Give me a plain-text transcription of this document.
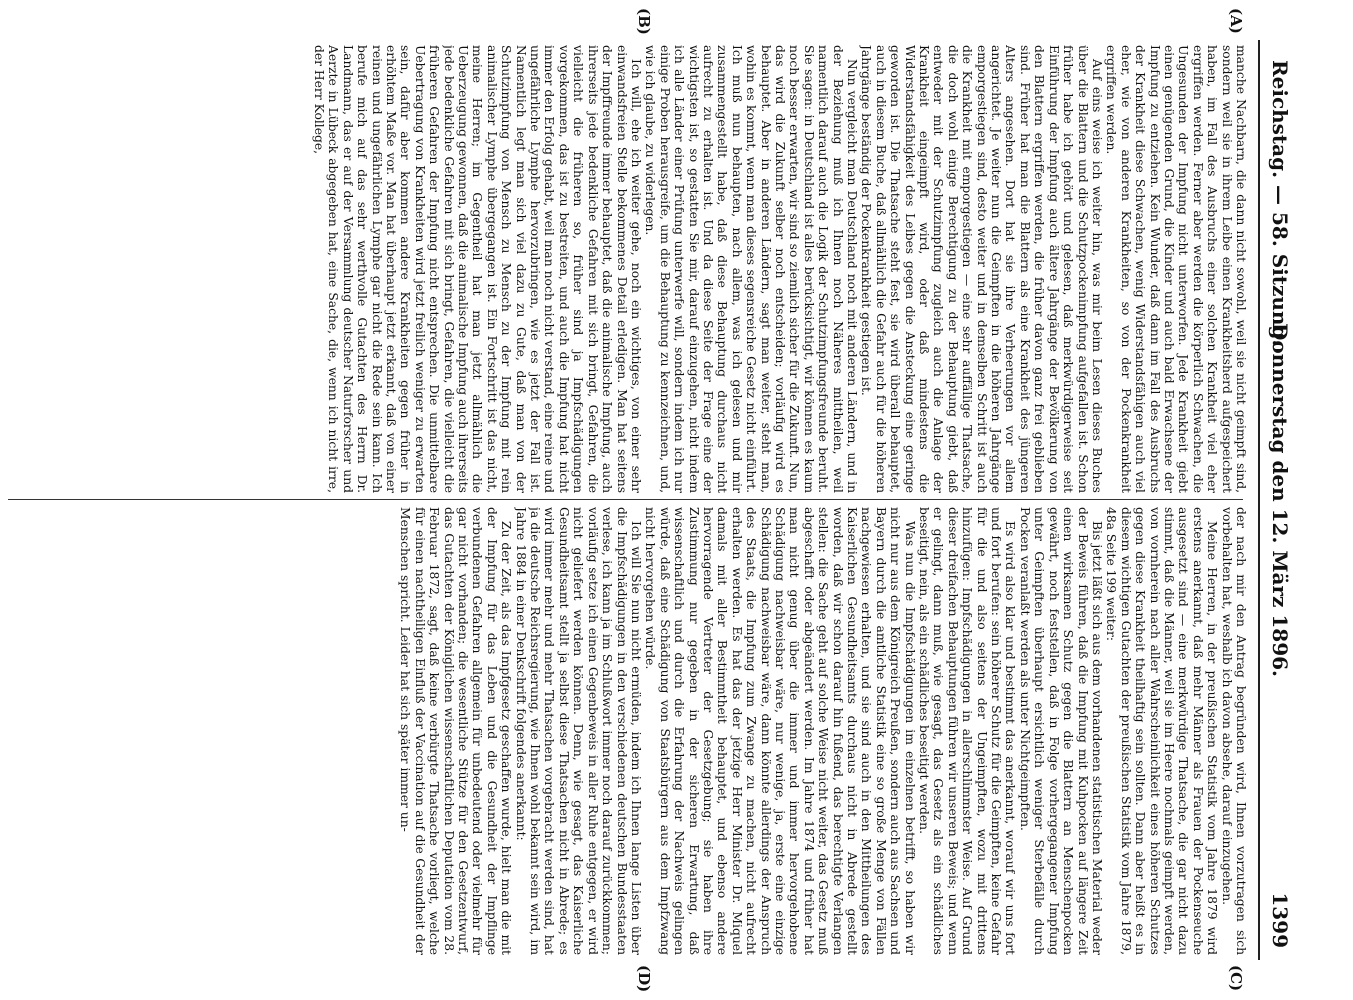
Reichstag. — 58. Sitzung.
Donnerstag den 12. März 1896.
1399
(A)
(B)
(C)
(D)

manche Nachbarn, die dann nicht sowohl, weil sie nicht geimpft sind, sondern weil sie in ihrem Leibe einen Krankheitsherd aufgespeichert haben, im Fall des Ausbruchs einer solchen Krankheit viel eher ergriffen werden. Ferner aber werden die körperlich Schwachen, die Ungesunden der Impfung nicht unterworfen. Jede Krankheit giebt einen genügenden Grund, die Kinder und auch bald Erwachsene der Impfung zu entziehen. Kein Wunder, daß dann im Fall des Ausbruchs der Krankheit diese Schwachen, wenig Widerstandsfähigen auch viel eher, wie von anderen Krankheiten, so von der Pockenkrankheit ergriffen werden.

Auf eins weise ich weiter hin, was mir beim Lesen dieses Buches über die Blattern und die Schutzpockenimpfung aufgefallen ist. Schon früher habe ich gehört und gelesen, daß merkwürdigerweise seit Einführung der Impfung auch ältere Jahrgänge der Bevölkerung von den Blattern ergriffen werden, die früher davon ganz frei geblieben sind. Früher hat man die Blattern als eine Krankheit des jüngeren Alters angesehen. Dort hat sie ihre Verheerungen vor allem angerichtet. Je weiter nun die Geimpften in die höheren Jahrgänge emporgestiegen sind, desto weiter und in demselben Schritt ist auch die Krankheit mit emporgestiegen — eine sehr auffällige Thatsache, die doch wohl einige Berechtigung zu der Behauptung giebt, daß entweder mit der Schutzimpfung zugleich auch die Anlage der Krankheit eingeimpft wird, oder daß mindestens die Widerstandsfähigkeit des Leibes gegen die Ansteckung eine geringe geworden ist. Die Thatsache steht fest, sie wird überall behauptet, auch in diesem Buche, daß allmählich die Gefahr auch für die höheren Jahrgänge beständig der Pockenkrankheit gestiegen ist.

Nun vergleicht man Deutschland noch mit anderen Ländern, und in der Beziehung muß ich Ihnen noch Näheres mittheilen, weil namentlich darauf auch die Logik der Schutzimpfungsfreunde beruht. Sie sagen: in Deutschland ist alles berücksichtigt, wir können es kaum noch besser erwarten, wir sind so ziemlich sicher für die Zukunft. Nun, das wird die Zukunft selber noch entscheiden; vorläufig wird es behauptet. Aber in anderen Ländern, sagt man weiter, steht man, wohin es kommt, wenn man dieses segensreiche Gesetz nicht einführt. Ich muß nun behaupten, nach allem, was ich gelesen und mir zusammengestellt habe, daß diese Behauptung durchaus nicht aufrecht zu erhalten ist. Und da diese Seite der Frage eine der wichtigsten ist, so gestatten Sie mir, darauf einzugehen, nicht indem ich alle Länder einer Prüfung unterwerfe will, sondern indem ich nur einige Proben herausgreife, um die Behauptung zu kennzeichnen, und, wie ich glaube, zu widerlegen.

Ich will, ehe ich weiter gehe, noch ein wichtiges, von einer sehr einwandsfreien Stelle bekommenes Detail erledigen. Man hat seitens der Impffreunde immer behauptet, daß die animalische Impfung, auch ihrerseits jede bedenkliche Gefahren mit sich bringt, Gefahren, die vielleicht die früheren so, früher sind ja Impfschädigungen vorgekommen, das ist zu bestreiten, und auch die Impfung hat nicht immer den Erfolg gehabt, weil man noch nicht verstand, eine reine und ungefährliche Lymphe hervorzubringen, wie es jetzt der Fall ist. Namentlich legt man sich viel dazu zu Gute, daß man von der Schutzimpfung von Mensch zu Mensch zu der Impfung mit rein animalischer Lymphe übergegangen ist. Ein Fortschritt ist das nicht, meine Herren; im Gegentheil hat man jetzt allmählich die Ueberzeugung gewonnen, daß die animalische Impfung auch ihrerseits jede bedenkliche Gefahren mit sich bringt, Gefahren, die vielleicht die früheren Gefahren der Impfung nicht entsprechen. Die unmittelbare Uebertragung von Krankheiten wird jetzt freilich weniger zu erwarten sein, dafür aber kommen andere Krankheiten gegen früher in erhöhtem Maße vor. Man hat überhaupt jetzt erkannt, daß von einer reinen und ungefährlichen Lymphe gar nicht die Rede sein kann. Ich berufe mich auf das sehr werthvolle Gutachten des Herrn Dr. Landmann, das er auf der Versammlung deutscher Naturforscher und Aerzte in Lübeck abgegeben hat, eine Sache, die, wenn ich nicht irre, der Herr Kollege,

der nach mir den Antrag begründen wird, Ihnen vorzutragen sich vorbehalten hat, weshalb ich davon absehe, darauf einzugehen.

Meine Herren, in der preußischen Statistik vom Jahre 1879 wird erstens anerkannt, daß mehr Männer als Frauen der Pockenseuche ausgesetzt sind — eine merkwürdige Thatsache, die gar nicht dazu stimmt, daß die Männer, weil sie im Heere nochmals geimpft werden, von vornherein nach aller Wahrscheinlichkeit eines höheren Schutzes gegen diese Krankheit theilhaftig sein sollten. Dann aber heißt es in diesem wichtigen Gutachten der preußischen Statistik vom Jahre 1879, 48a Seite 199 weiter:

Bis jetzt läßt sich aus dem vorhandenen statistischen Material weder der Beweis führen, daß die Impfung mit Kuhpocken auf längere Zeit einen wirksamen Schutz gegen die Blattern an Menschenpocken gewährt, noch feststellen, daß in Folge vorhergegangener Impfung unter Geimpften überhaupt ersichtlich weniger Sterbefälle durch Pocken veranlaßt werden als unter Nichtgeimpften.

Es wird also klar und bestimmt das anerkannt, worauf wir uns fort und fort berufen: sein höherer Schutz für die Geimpften, keine Gefahr für die und also seitens der Ungeimpften, wozu mit drittens hinzufügen: Impfschädigungen in allerschlimmster Weise. Auf Grund dieser dreifachen Behauptungen führen wir unseren Beweis; und wenn er gelingt, dann muß, wie gesagt, das Gesetz als ein schädliches beseitigt, nein, als ein schädliches beseitigt werden.

Was nun die Impfschädigungen im einzelnen betrifft, so haben wir nicht nur aus dem Königreich Preußen, sondern auch aus Sachsen und Bayern durch die amtliche Statistik eine so große Menge von Fällen nachgewiesen erhalten, und sie sind auch in den Mittheilungen des Kaiserlichen Gesundheitsamts durchaus nicht in Abrede gestellt worden, daß wir schon darauf hin fußend, das berechtigte Verlangen stellen: die Sache geht auf solche Weise nicht weiter, das Gesetz muß abgeschafft oder abgeändert werden. Im Jahre 1874 und früher hat man nicht genug über die immer und immer hervorgehobene Schädigung nachweisbar wäre, nur wenige, ja, erste eine einzige Schädigung nachweisbar wäre, dann könnte allerdings der Anspruch des Staats, die Impfung zum Zwange zu machen, nicht aufrecht erhalten werden. Es hat das der jetzige Herr Minister Dr. Miquel damals mit aller Bestimmtheit behauptet, und ebenso andere hervorragende Vertreter der Gesetzgebung; sie haben ihre Zustimmung nur gegeben in der sicheren Erwartung, daß wissenschaftlich und durch die Erfahrung der Nachweis gelingen würde, daß eine Schädigung von Staatsbürgern aus dem Impfzwang nicht hervorgehen würde.

Ich will Sie nun nicht ermüden, indem ich Ihnen lange Listen über die Impfschädigungen in den verschiedenen deutschen Bundesstaaten verlese, ich kann ja im Schlußwort immer noch darauf zurückkommen; vorläufig setze ich einen Gegenbeweis in aller Ruhe entgegen, er wird nicht geliefert werden können. Denn, wie gesagt, das Kaiserliche Gesundheitsamt stellt ja selbst diese Thatsachen nicht in Abrede; es wird immer mehr und mehr Thatsachen vorgebracht werden sind, hat ja die deutsche Reichsregierung, wie Ihnen wohl bekannt sein wird, im Jahre 1884 in einer Denkschrift folgendes anerkannt:

Zu der Zeit, als das Impfgesetz geschaffen wurde, hielt man die mit der Impfung für das Leben und die Gesundheit der Impflinge verbundenen Gefahren allgemein für unbedeutend oder vielmehr für gar nicht vorhanden; die wesentliche Stütze für den Gesetzentwurf, das Gutachten der Königlichen wissenschaftlichen Deputation vom 28. Februar 1872, sagt, daß keine verbürgte Thatsache vorliegt, welche für einen nachtheiligen Einfluß der Vaccination auf die Gesundheit der Menschen spricht. Leider hat sich später immer un-
